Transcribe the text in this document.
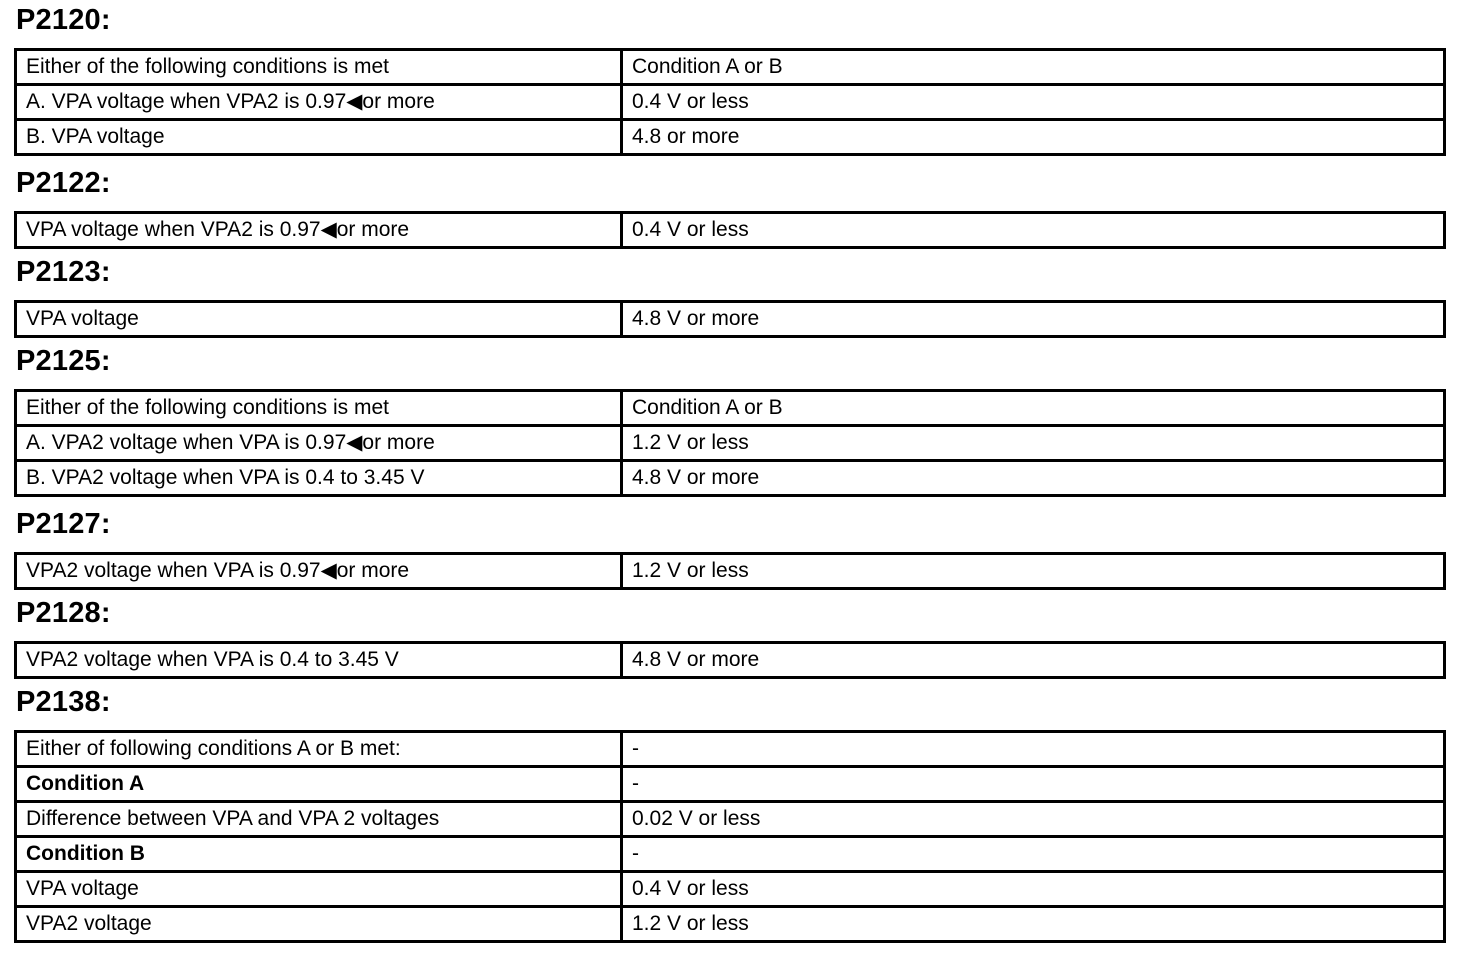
P2120:
Either of the following conditions is met	Condition A or B
A. VPA voltage when VPA2 is 0.97◀or more	0.4 V or less
B. VPA voltage	4.8 or more
P2122:
VPA voltage when VPA2 is 0.97◀or more	0.4 V or less
P2123:
VPA voltage	4.8 V or more
P2125:
Either of the following conditions is met	Condition A or B
A. VPA2 voltage when VPA is 0.97◀or more	1.2 V or less
B. VPA2 voltage when VPA is 0.4 to 3.45 V	4.8 V or more
P2127:
VPA2 voltage when VPA is 0.97◀or more	1.2 V or less
P2128:
VPA2 voltage when VPA is 0.4 to 3.45 V	4.8 V or more
P2138:
Either of following conditions A or B met:	-
Condition A	-
Difference between VPA and VPA 2 voltages	0.02 V or less
Condition B	-
VPA voltage	0.4 V or less
VPA2 voltage	1.2 V or less
